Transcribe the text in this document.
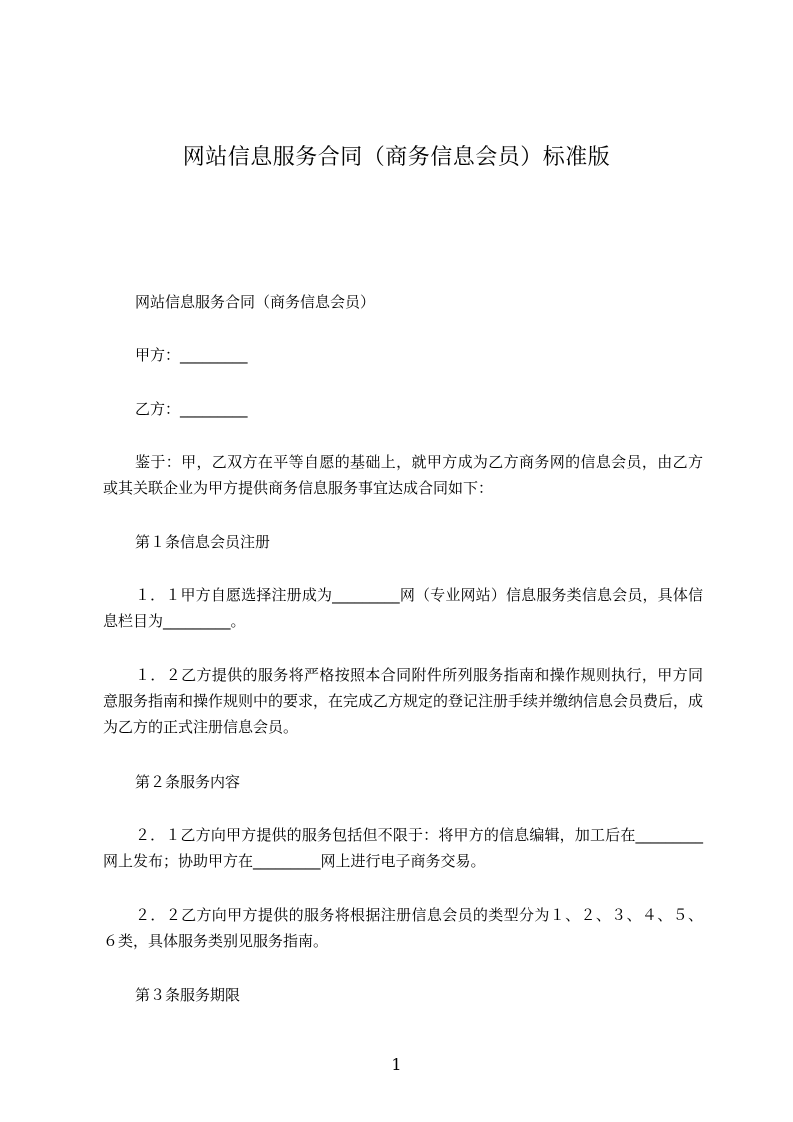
网站信息服务合同（商务信息会员）标准版
网站信息服务合同（商务信息会员）
甲方：_________
乙方：_________
鉴于：甲，乙双方在平等自愿的基础上，就甲方成为乙方商务网的信息会员，由乙方或其关联企业为甲方提供商务信息服务事宜达成合同如下：
第１条信息会员注册
１．１甲方自愿选择注册成为_________网（专业网站）信息服务类信息会员，具体信息栏目为_________。
１．２乙方提供的服务将严格按照本合同附件所列服务指南和操作规则执行，甲方同意服务指南和操作规则中的要求，在完成乙方规定的登记注册手续并缴纳信息会员费后，成为乙方的正式注册信息会员。
第２条服务内容
２．１乙方向甲方提供的服务包括但不限于：将甲方的信息编辑，加工后在_________网上发布；协助甲方在_________网上进行电子商务交易。
２．２乙方向甲方提供的服务将根据注册信息会员的类型分为１、２、３、４、５、６类，具体服务类别见服务指南。
第３条服务期限
1
